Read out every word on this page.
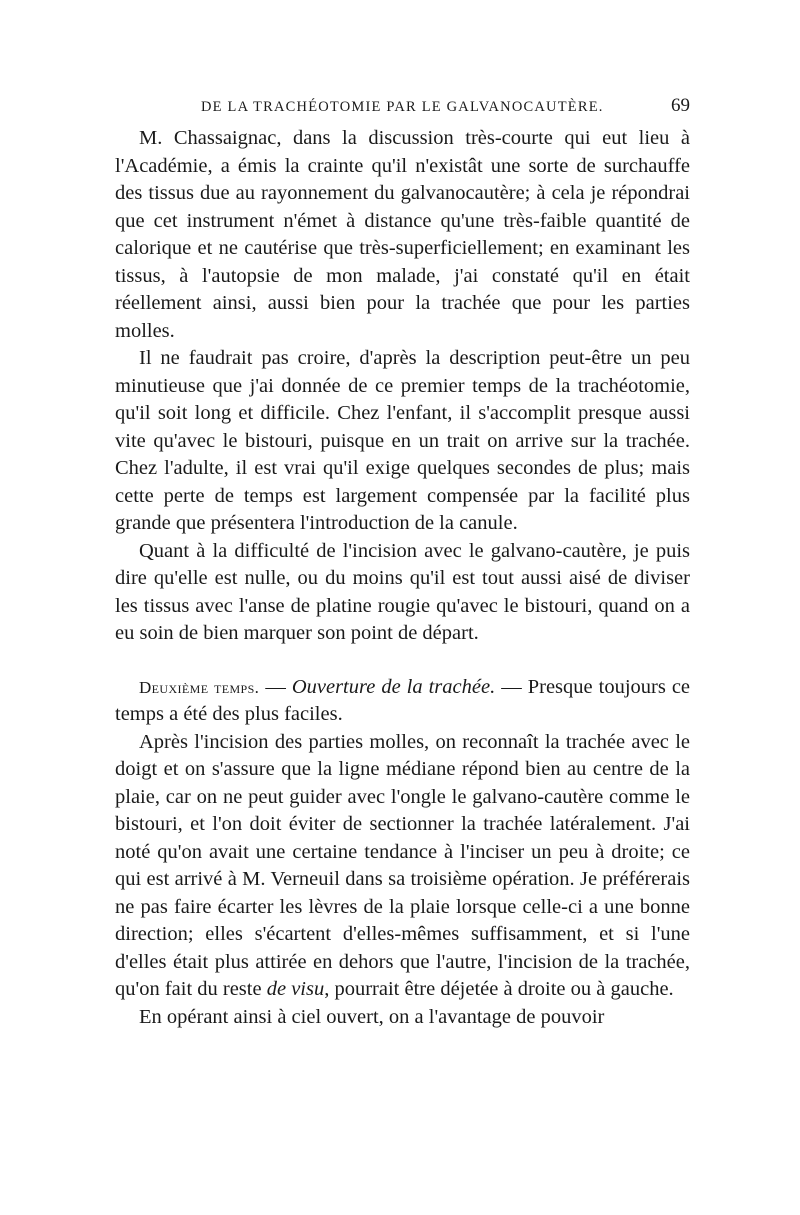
DE LA TRACHÉOTOMIE PAR LE GALVANOCAUTÈRE.	69

M. Chassaignac, dans la discussion très-courte qui eut lieu à l'Académie, a émis la crainte qu'il n'existât une sorte de surchauffe des tissus due au rayonnement du galvanocautère; à cela je répondrai que cet instrument n'émet à distance qu'une très-faible quantité de calorique et ne cautérise que très-superficiellement; en examinant les tissus, à l'autopsie de mon malade, j'ai constaté qu'il en était réellement ainsi, aussi bien pour la trachée que pour les parties molles.

Il ne faudrait pas croire, d'après la description peut-être un peu minutieuse que j'ai donnée de ce premier temps de la trachéotomie, qu'il soit long et difficile. Chez l'enfant, il s'accomplit presque aussi vite qu'avec le bistouri, puisque en un trait on arrive sur la trachée. Chez l'adulte, il est vrai qu'il exige quelques secondes de plus; mais cette perte de temps est largement compensée par la facilité plus grande que présentera l'introduction de la canule.

Quant à la difficulté de l'incision avec le galvano-cautère, je puis dire qu'elle est nulle, ou du moins qu'il est tout aussi aisé de diviser les tissus avec l'anse de platine rougie qu'avec le bistouri, quand on a eu soin de bien marquer son point de départ.

Deuxième temps. — Ouverture de la trachée. — Presque toujours ce temps a été des plus faciles.

Après l'incision des parties molles, on reconnaît la trachée avec le doigt et on s'assure que la ligne médiane répond bien au centre de la plaie, car on ne peut guider avec l'ongle le galvano-cautère comme le bistouri, et l'on doit éviter de sectionner la trachée latéralement. J'ai noté qu'on avait une certaine tendance à l'inciser un peu à droite; ce qui est arrivé à M. Verneuil dans sa troisième opération. Je préférerais ne pas faire écarter les lèvres de la plaie lorsque celle-ci a une bonne direction; elles s'écartent d'elles-mêmes suffisamment, et si l'une d'elles était plus attirée en dehors que l'autre, l'incision de la trachée, qu'on fait du reste de visu, pourrait être déjetée à droite ou à gauche.

En opérant ainsi à ciel ouvert, on a l'avantage de pouvoir
